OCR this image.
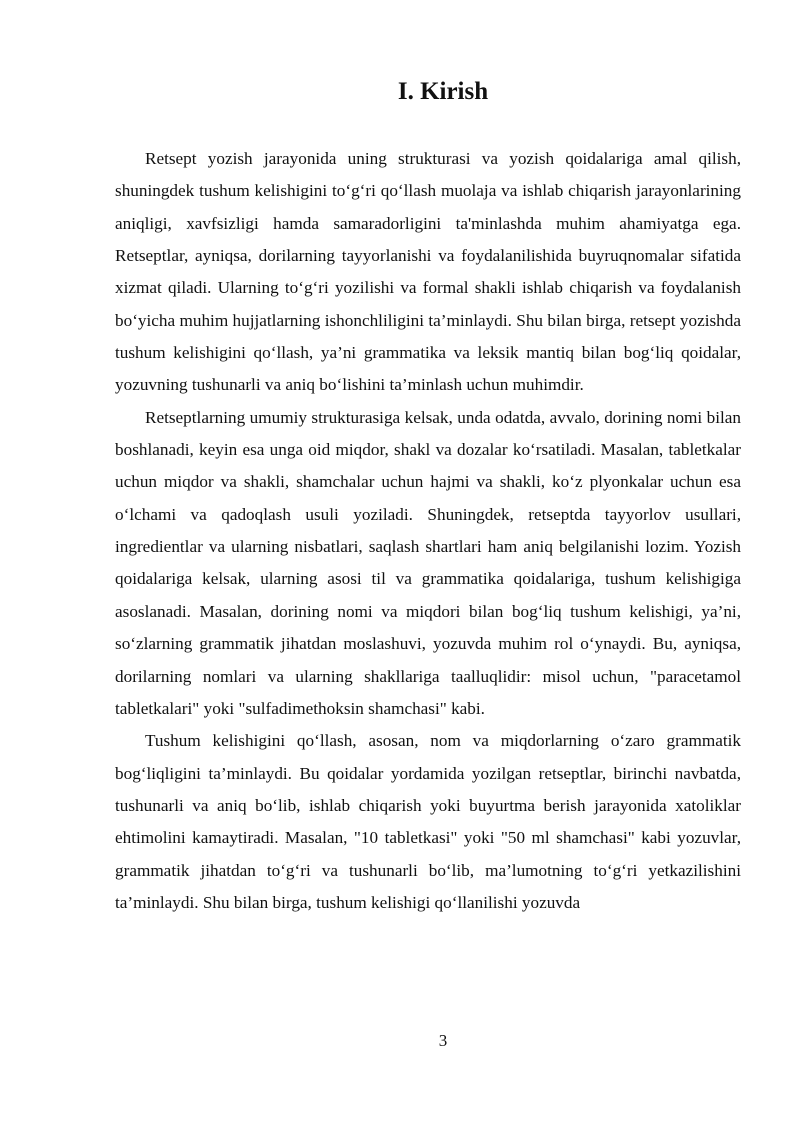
I. Kirish

Retsept yozish jarayonida uning strukturasi va yozish qoidalariga amal qilish, shuningdek tushum kelishigini to‘g‘ri qo‘llash muolaja va ishlab chiqarish jarayonlarining aniqligi, xavfsizligi hamda samaradorligini ta'minlashda muhim ahamiyatga ega. Retseptlar, ayniqsa, dorilarning tayyorlanishi va foydalanilishida buyruqnomalar sifatida xizmat qiladi. Ularning to‘g‘ri yozilishi va formal shakli ishlab chiqarish va foydalanish bo‘yicha muhim hujjatlarning ishonchliligini ta’minlaydi. Shu bilan birga, retsept yozishda tushum kelishigini qo‘llash, ya’ni grammatika va leksik mantiq bilan bog‘liq qoidalar, yozuvning tushunarli va aniq bo‘lishini ta’minlash uchun muhimdir.

Retseptlarning umumiy strukturasiga kelsak, unda odatda, avvalo, dorining nomi bilan boshlanadi, keyin esa unga oid miqdor, shakl va dozalar ko‘rsatiladi. Masalan, tabletkalar uchun miqdor va shakli, shamchalar uchun hajmi va shakli, ko‘z plyonkalar uchun esa o‘lchami va qadoqlash usuli yoziladi. Shuningdek, retseptda tayyorlov usullari, ingredientlar va ularning nisbatlari, saqlash shartlari ham aniq belgilanishi lozim. Yozish qoidalariga kelsak, ularning asosi til va grammatika qoidalariga, tushum kelishigiga asoslanadi. Masalan, dorining nomi va miqdori bilan bog‘liq tushum kelishigi, ya’ni, so‘zlarning grammatik jihatdan moslashuvi, yozuvda muhim rol o‘ynaydi. Bu, ayniqsa, dorilarning nomlari va ularning shakllariga taalluqlidir: misol uchun, "paracetamol tabletkalari" yoki "sulfadimethoksin shamchasi" kabi.

Tushum kelishigini qo‘llash, asosan, nom va miqdorlarning o‘zaro grammatik bog‘liqligini ta’minlaydi. Bu qoidalar yordamida yozilgan retseptlar, birinchi navbatda, tushunarli va aniq bo‘lib, ishlab chiqarish yoki buyurtma berish jarayonida xatoliklar ehtimolini kamaytiradi. Masalan, "10 tabletkasi" yoki "50 ml shamchasi" kabi yozuvlar, grammatik jihatdan to‘g‘ri va tushunarli bo‘lib, ma’lumotning to‘g‘ri yetkazilishini ta’minlaydi. Shu bilan birga, tushum kelishigi qo‘llanilishi yozuvda

3
